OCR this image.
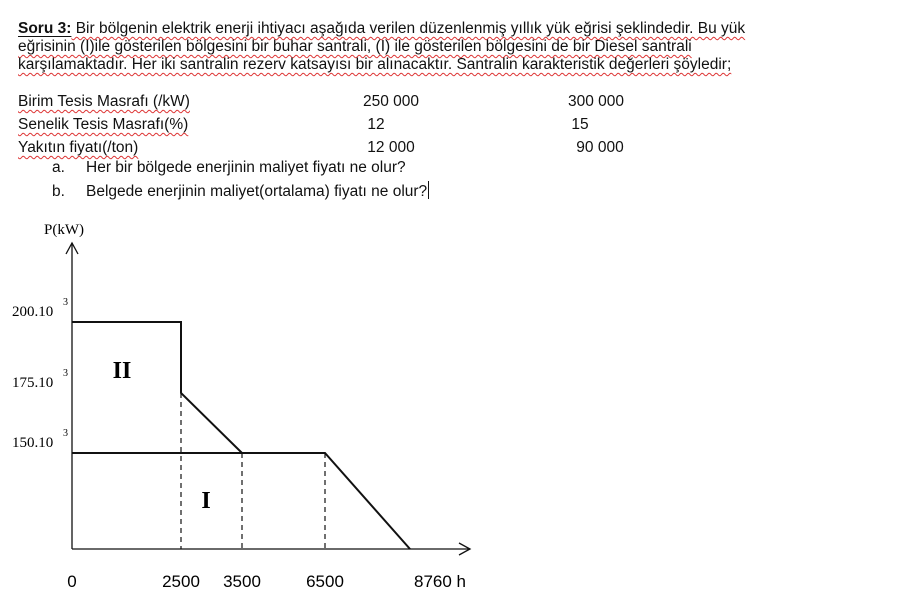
Soru 3: Bir bölgenin elektrik enerji ihtiyacı aşağıda verilen düzenlenmiş yıllık yük eğrisi şeklindedir. Bu yük
eğrisinin (I)ile gösterilen bölgesini bir buhar santrali, (I) ile gösterilen bölgesini de bir Diesel santrali
karşılamaktadır. Her iki santralin rezerv katsayısı bir alınacaktır. Santralin karakteristik değerleri şöyledir;
Birim Tesis Masrafı (/kW)	250 000	300 000
Senelik Tesis Masrafı(%)	12	15
Yakıtın fiyatı(/ton)	12 000	90 000
a. Her bir bölgede enerjinin maliyet fiyatı ne olur?
b. Belgede enerjinin maliyet(ortalama) fiyatı ne olur?
P(kW)
200.10
3
175.10
3
150.10
3
0	2500 3500	6500	8760 h
II
I
